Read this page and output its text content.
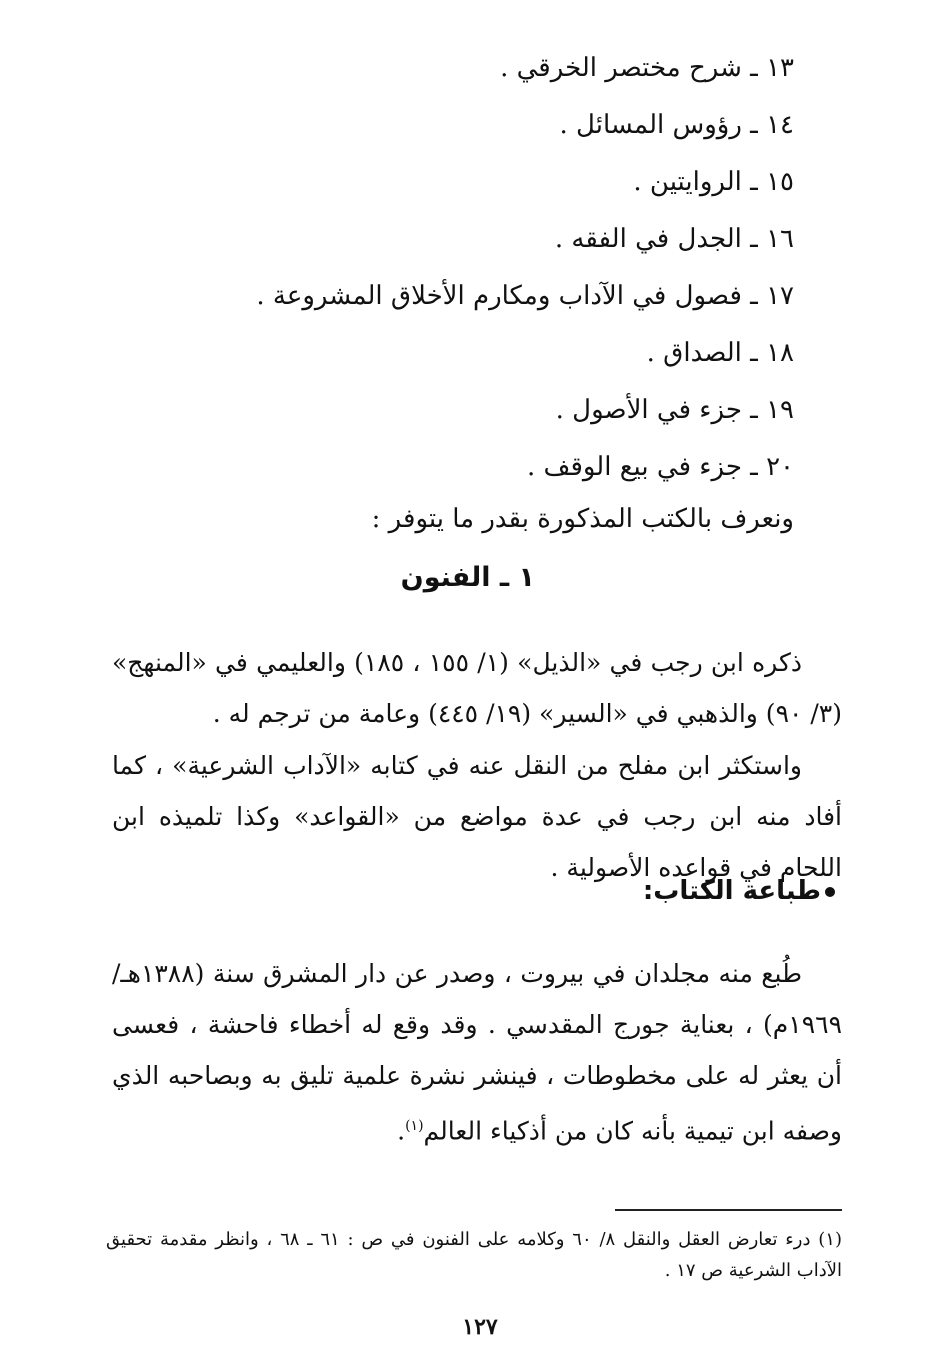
١٣ ـ شرح مختصر الخرقي .
١٤ ـ رؤوس المسائل .
١٥ ـ الروايتين .
١٦ ـ الجدل في الفقه .
١٧ ـ فصول في الآداب ومكارم الأخلاق المشروعة .
١٨ ـ الصداق .
١٩ ـ جزء في الأصول .
٢٠ ـ جزء في بيع الوقف .
ونعرف بالكتب المذكورة بقدر ما يتوفر :
١ ـ الفنون

ذكره ابن رجب في «الذيل» (١/ ١٥٥ ، ١٨٥) والعليمي في «المنهج» (٣/ ٩٠) والذهبي في «السير» (١٩/ ٤٤٥) وعامة من ترجم له .

واستكثر ابن مفلح من النقل عنه في كتابه «الآداب الشرعية» ، كما أفاد منه ابن رجب في عدة مواضع من «القواعد» وكذا تلميذه ابن اللحام في قواعده الأصولية .

طباعة الكتاب:

طُبع منه مجلدان في بيروت ، وصدر عن دار المشرق سنة (١٣٨٨هـ/ ١٩٦٩م) ، بعناية جورج المقدسي . وقد وقع له أخطاء فاحشة ، فعسى أن يعثر له على مخطوطات ، فينشر نشرة علمية تليق به وبصاحبه الذي وصفه ابن تيمية بأنه كان من أذكياء العالم$^{(١)}$.

(١) درء تعارض العقل والنقل ٨/ ٦٠ وكلامه على الفنون في ص : ٦١ ـ ٦٨ ، وانظر مقدمة تحقيق الآداب الشرعية ص ١٧ .
١٢٧
